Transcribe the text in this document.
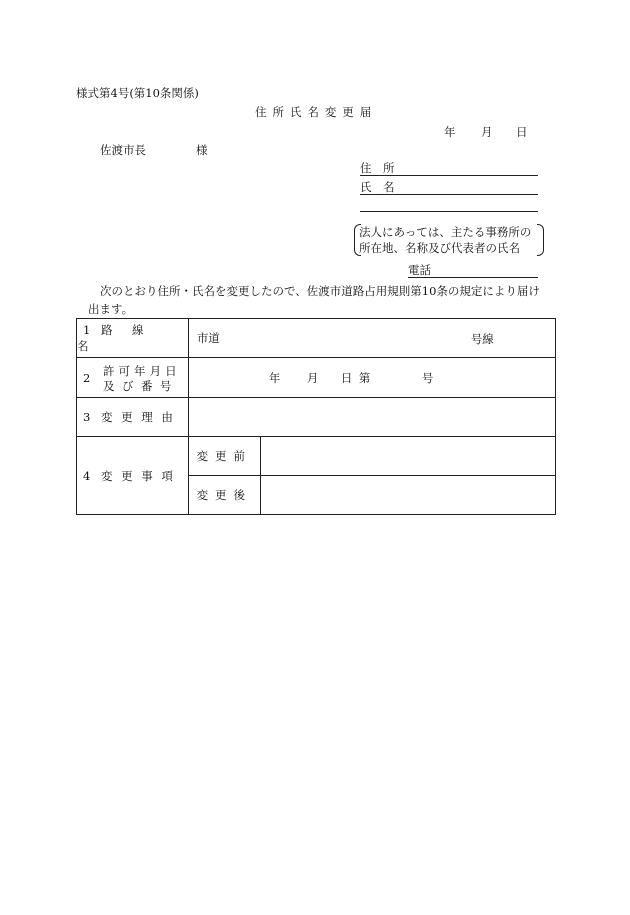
様式第4号(第10条関係)
住 所 氏 名 変 更 届
年 月 日
佐渡市長	様
住　所
氏　名
法人にあっては、主たる事務所の
所在地、名称及び代表者の氏名
電話
次のとおり住所・氏名を変更したので、佐渡市道路占用規則第10条の規定により届け
出ます。
1 路線名	市道 号線	

2 許可年月日
及び番号	年 月 日 第 号	

3 変更理由		
4 変更事項	変更前	
	変更後	
